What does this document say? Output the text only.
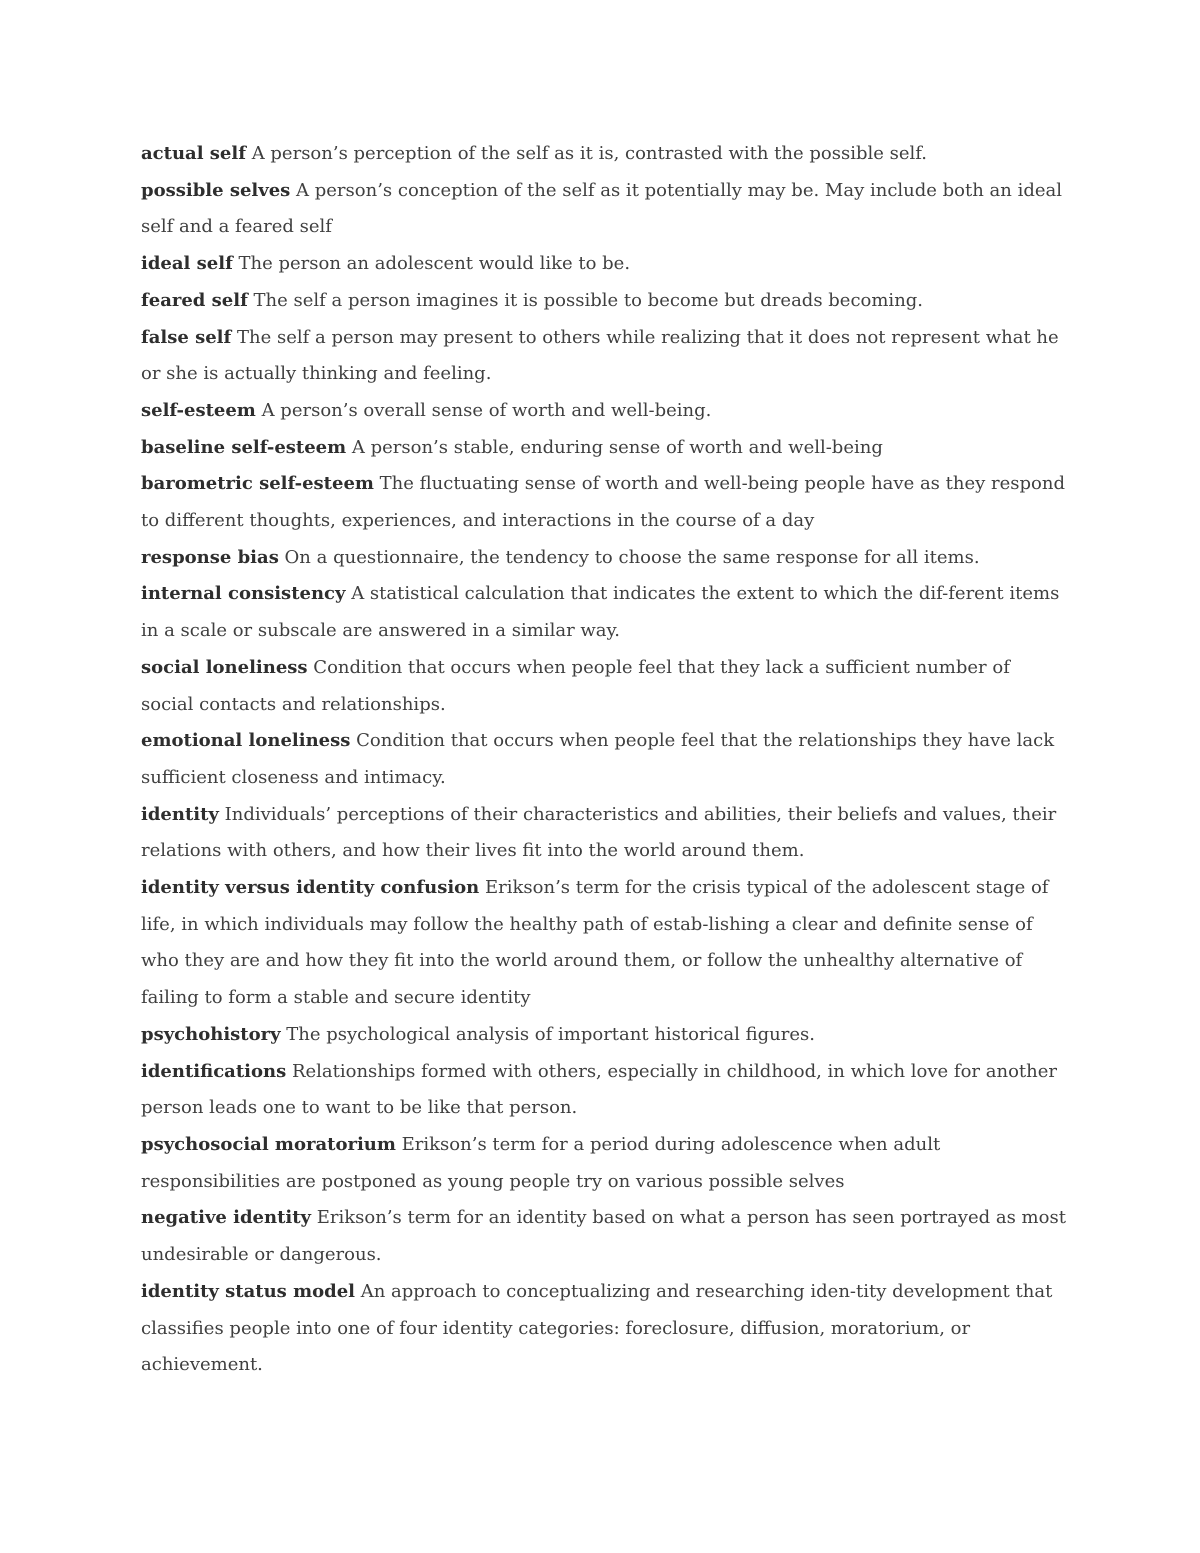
actual self A person’s perception of the self as it is, contrasted with the possible self.

possible selves A person’s conception of the self as it potentially may be. May include both an ideal self and a feared self

ideal self The person an adolescent would like to be.

feared self The self a person imagines it is possible to become but dreads becoming.

false self The self a person may present to others while realizing that it does not represent what he or she is actually thinking and feeling.

self-esteem A person’s overall sense of worth and well-being.

baseline self-esteem A person’s stable, enduring sense of worth and well-being

barometric self-esteem The fluctuating sense of worth and well-being people have as they respond to different thoughts, experiences, and interactions in the course of a day

response bias On a questionnaire, the tendency to choose the same response for all items.

internal consistency A statistical calculation that indicates the extent to which the dif-ferent items in a scale or subscale are answered in a similar way.

social loneliness Condition that occurs when people feel that they lack a sufficient number of social contacts and relationships.

emotional loneliness Condition that occurs when people feel that the relationships they have lack sufficient closeness and intimacy.

identity Individuals’ perceptions of their characteristics and abilities, their beliefs and values, their relations with others, and how their lives fit into the world around them.

identity versus identity confusion Erikson’s term for the crisis typical of the adolescent stage of life, in which individuals may follow the healthy path of estab-lishing a clear and definite sense of who they are and how they fit into the world around them, or follow the unhealthy alternative of failing to form a stable and secure identity

psychohistory The psychological analysis of important historical figures.

identifications Relationships formed with others, especially in childhood, in which love for another person leads one to want to be like that person.

psychosocial moratorium Erikson’s term for a period during adolescence when adult responsibilities are postponed as young people try on various possible selves

negative identity Erikson’s term for an identity based on what a person has seen portrayed as most undesirable or dangerous.

identity status model An approach to conceptualizing and researching iden-tity development that classifies people into one of four identity categories: foreclosure, diffusion, moratorium, or achievement.
